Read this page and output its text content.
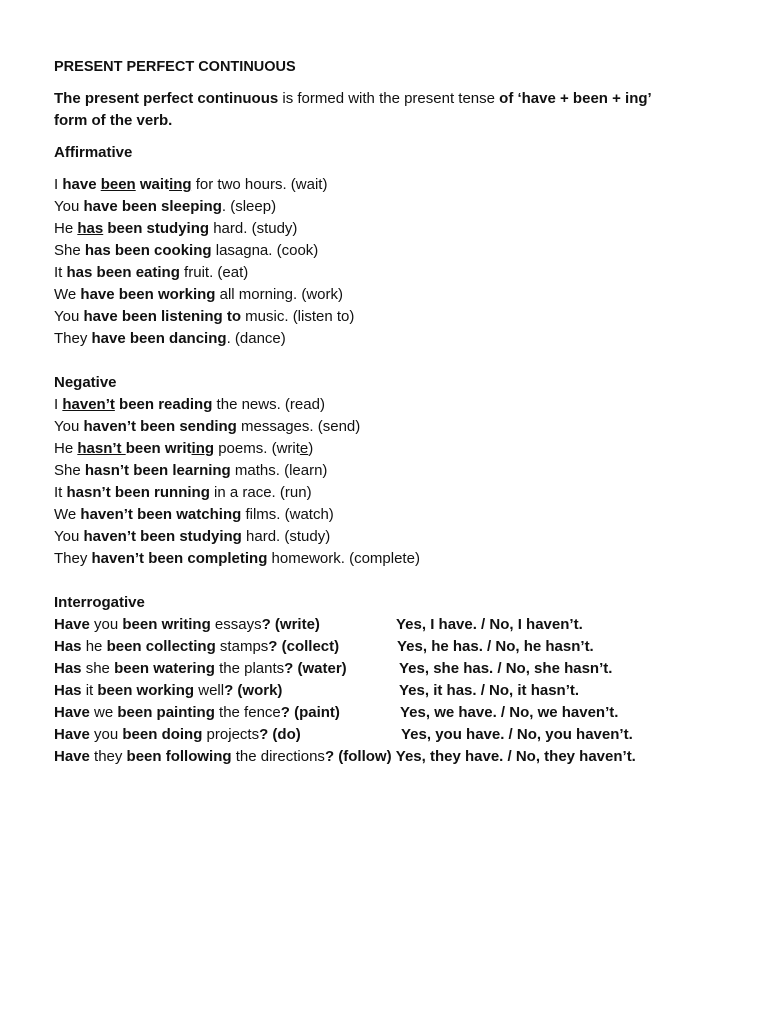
PRESENT PERFECT CONTINUOUS
The present perfect continuous is formed with the present tense of ‘have + been + ing’
form of the verb.
Affirmative
I have been waiting for two hours. (wait)
You have been sleeping. (sleep)
He has been studying hard. (study)
She has been cooking lasagna. (cook)
It has been eating fruit. (eat)
We have been working all morning. (work)
You have been listening to music. (listen to)
They have been dancing. (dance)
Negative
I haven’t been reading the news. (read)
You haven’t been sending messages. (send)
He hasn’t been writing poems. (write)
She hasn’t been learning maths. (learn)
It hasn’t been running in a race. (run)
We haven’t been watching films. (watch)
You haven’t been studying hard. (study)
They haven’t been completing homework. (complete)
Interrogative
Have you been writing essays? (write)	Yes, I have. / No, I haven’t.
Has he been collecting stamps? (collect)	Yes, he has. / No, he hasn’t.
Has she been watering the plants? (water)	Yes, she has. / No, she hasn’t.
Has it been working well? (work)	Yes, it has. / No, it hasn’t.
Have we been painting the fence? (paint)	Yes, we have. / No, we haven’t.
Have you been doing projects? (do)	Yes, you have. / No, you haven’t.
Have they been following the directions? (follow) Yes, they have. / No, they haven’t.
